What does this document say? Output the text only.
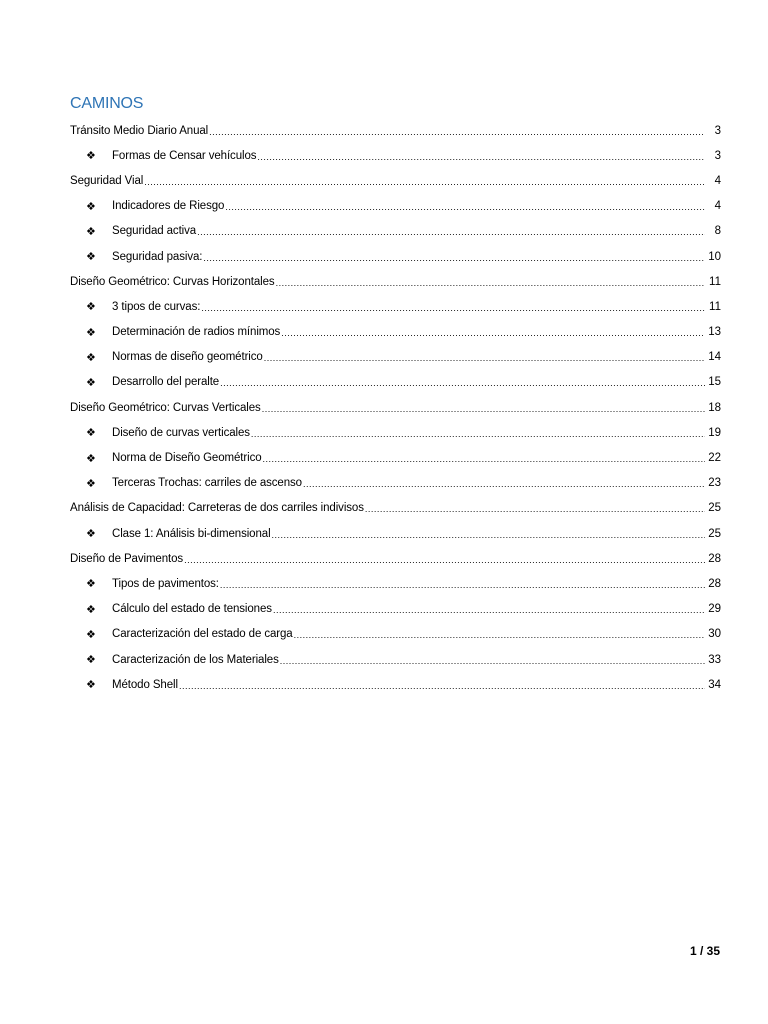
CAMINOS
Tránsito Medio Diario Anual .....	3
❖	Formas de Censar vehículos .....	3
Seguridad Vial .....	4
❖	Indicadores de Riesgo .....	4
❖	Seguridad activa .....	8
❖	Seguridad pasiva: .....	10
Diseño Geométrico: Curvas Horizontales .....	11
❖	3 tipos de curvas: .....	11
❖	Determinación de radios mínimos .....	13
❖	Normas de diseño geométrico .....	14
❖	Desarrollo del peralte .....	15
Diseño Geométrico: Curvas Verticales .....	18
❖	Diseño de curvas verticales .....	19
❖	Norma de Diseño Geométrico .....	22
❖	Terceras Trochas: carriles de ascenso .....	23
Análisis de Capacidad: Carreteras de dos carriles indivisos .....	25
❖	Clase 1: Análisis bi-dimensional .....	25
Diseño de Pavimentos .....	28
❖	Tipos de pavimentos: .....	28
❖	Cálculo del estado de tensiones .....	29
❖	Caracterización del estado de carga .....	30
❖	Caracterización de los Materiales .....	33
❖	Método Shell .....	34
1 / 35
